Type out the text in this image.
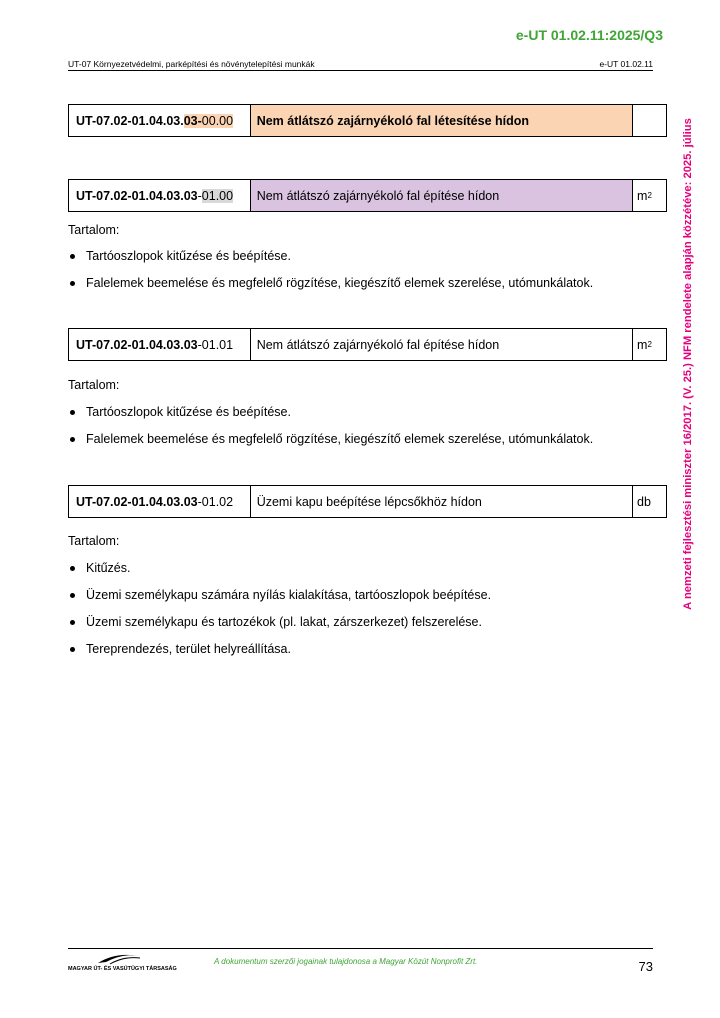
e-UT 01.02.11:2025/Q3
UT-07 Környezetvédelmi, parképítési és növénytelepítési munkák	e-UT 01.02.11
A nemzeti fejlesztési miniszter 16/2017. (V. 25.) NFM rendelete alapján közzétéve: 2025. július
UT-07.02-01.04.03. 03- 00.00	Nem átlátszó zajárnyékoló fal létesítése hídon
UT-07.02-01.04.03.03 - 01.00	Nem átlátszó zajárnyékoló fal építése hídon	m 2
Tartalom:
Tartóoszlopok kitűzése és beépítése.
Falelemek beemelése és megfelelő rögzítése, kiegészítő elemek szerelése, utómunkálatok.
UT-07.02-01.04.03.03 - 01.01	Nem átlátszó zajárnyékoló fal építése hídon	m 2
Tartalom:
Tartóoszlopok kitűzése és beépítése.
Falelemek beemelése és megfelelő rögzítése, kiegészítő elemek szerelése, utómunkálatok.
UT-07.02-01.04.03.03 - 01.02	Üzemi kapu beépítése lépcsőkhöz hídon	db
Tartalom:
Kitűzés.
Üzemi személykapu számára nyílás kialakítása, tartóoszlopok beépítése.
Üzemi személykapu és tartozékok (pl. lakat, zárszerkezet) felszerelése.
Tereprendezés, terület helyreállítása.
MAGYAR ÚT- ÉS VASÚTÜGYI TÁRSASÁG
A dokumentum szerzői jogainak tulajdonosa a Magyar Közút Nonprofit Zrt.	73
